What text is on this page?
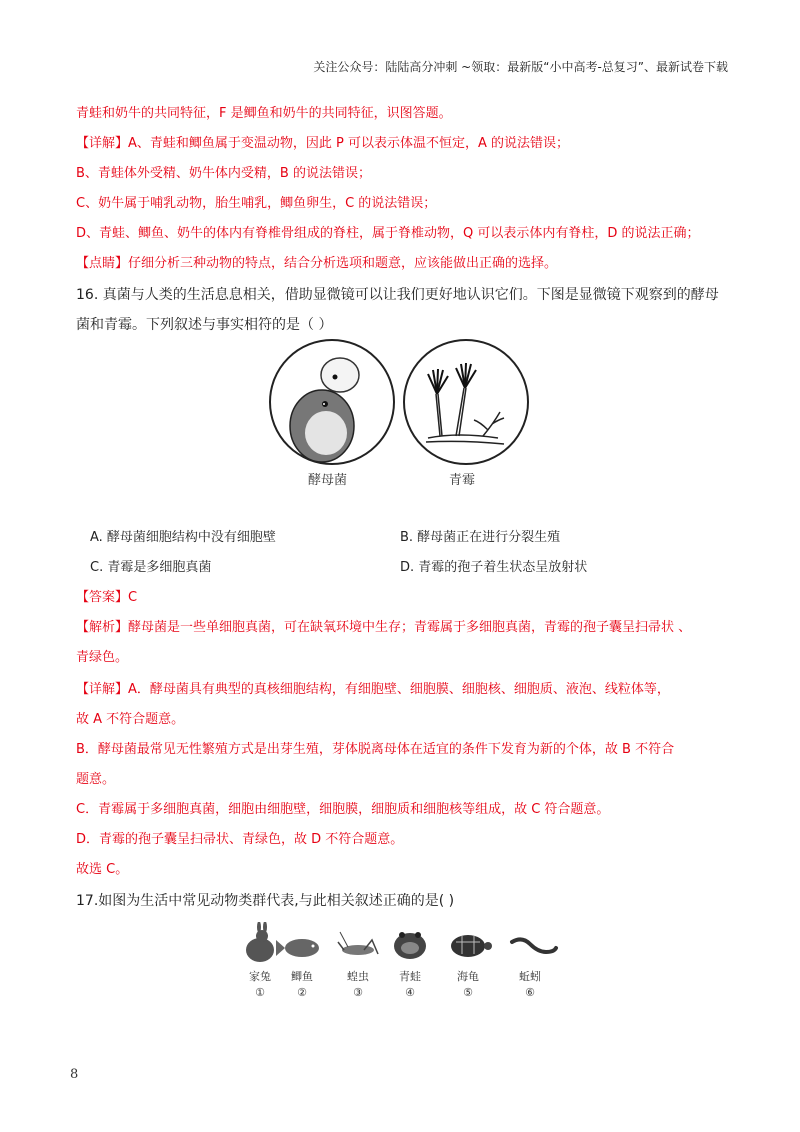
关注公众号：陆陆高分冲刺 ~领取：最新版“小中高考-总复习”、最新试卷下载
青蛙和奶牛的共同特征，F 是鲫鱼和奶牛的共同特征，识图答题。
【详解】A、青蛙和鲫鱼属于变温动物，因此 P 可以表示体温不恒定，A 的说法错误；
B、青蛙体外受精、奶牛体内受精，B 的说法错误；
C、奶牛属于哺乳动物，胎生哺乳，鲫鱼卵生，C 的说法错误；
D、青蛙、鲫鱼、奶牛的体内有脊椎骨组成的脊柱，属于脊椎动物，Q 可以表示体内有脊柱，D 的说法正确；
【点睛】仔细分析三种动物的特点，结合分析选项和题意，应该能做出正确的选择。
16. 真菌与人类的生活息息相关，借助显微镜可以让我们更好地认识它们。下图是显微镜下观察到的酵母
菌和青霉。下列叙述与事实相符的是（ ）
酵母菌	青霉
A. 酵母菌细胞结构中没有细胞壁	B. 酵母菌正在进行分裂生殖
C. 青霉是多细胞真菌	D. 青霉的孢子着生状态呈放射状
【答案】C
【解析】酵母菌是一些单细胞真菌，可在缺氧环境中生存；青霉属于多细胞真菌，青霉的孢子囊呈扫帚状 、
青绿色。
【详解】A．酵母菌具有典型的真核细胞结构，有细胞壁、细胞膜、细胞核、细胞质、液泡、线粒体等，
故 A 不符合题意。
B．酵母菌最常见无性繁殖方式是出芽生殖，芽体脱离母体在适宜的条件下发育为新的个体，故 B 不符合
题意。
C．青霉属于多细胞真菌，细胞由细胞壁，细胞膜，细胞质和细胞核等组成，故 C 符合题意。
D．青霉的孢子囊呈扫帚状、青绿色，故 D 不符合题意。
故选 C。
17.如图为生活中常见动物类群代表,与此相关叙述正确的是( )
家兔	鲫鱼	蝗虫	青蛙	海龟	蚯蚓
①	②	③	④	⑤	⑥
8
